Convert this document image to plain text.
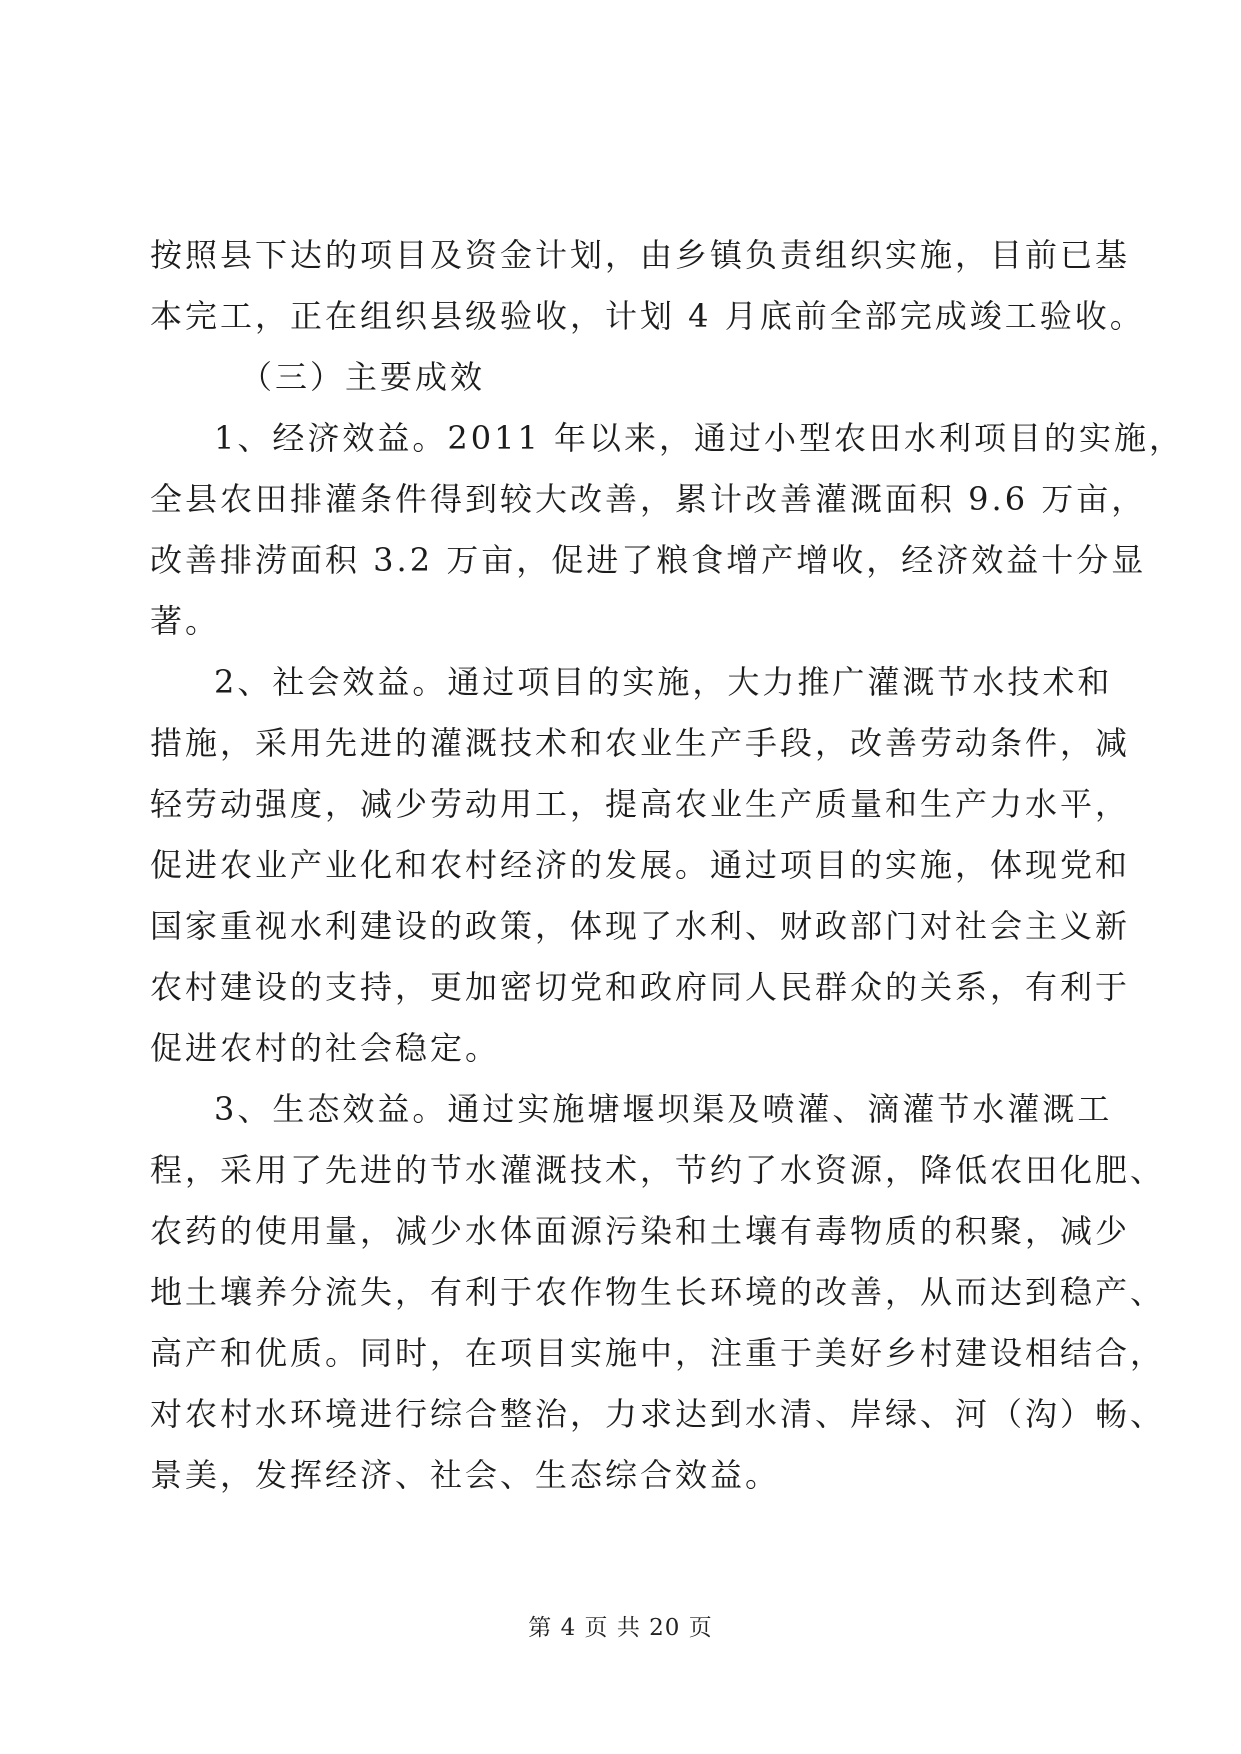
按照县下达的项目及资金计划，由乡镇负责组织实施，目前已基
本完工，正在组织县级验收，计划 4 月底前全部完成竣工验收。
（三）主要成效
1、经济效益。2011 年以来，通过小型农田水利项目的实施，
全县农田排灌条件得到较大改善，累计改善灌溉面积 9.6 万亩，
改善排涝面积 3.2 万亩，促进了粮食增产增收，经济效益十分显
著。
2、社会效益。通过项目的实施，大力推广灌溉节水技术和
措施，采用先进的灌溉技术和农业生产手段，改善劳动条件，减
轻劳动强度，减少劳动用工，提高农业生产质量和生产力水平，
促进农业产业化和农村经济的发展。通过项目的实施，体现党和
国家重视水利建设的政策，体现了水利、财政部门对社会主义新
农村建设的支持，更加密切党和政府同人民群众的关系，有利于
促进农村的社会稳定。
3、生态效益。通过实施塘堰坝渠及喷灌、滴灌节水灌溉工
程，采用了先进的节水灌溉技术，节约了水资源，降低农田化肥、
农药的使用量，减少水体面源污染和土壤有毒物质的积聚，减少
地土壤养分流失，有利于农作物生长环境的改善，从而达到稳产、
高产和优质。同时，在项目实施中，注重于美好乡村建设相结合，
对农村水环境进行综合整治，力求达到水清、岸绿、河（沟）畅、
景美，发挥经济、社会、生态综合效益。
第 4 页 共 20 页
